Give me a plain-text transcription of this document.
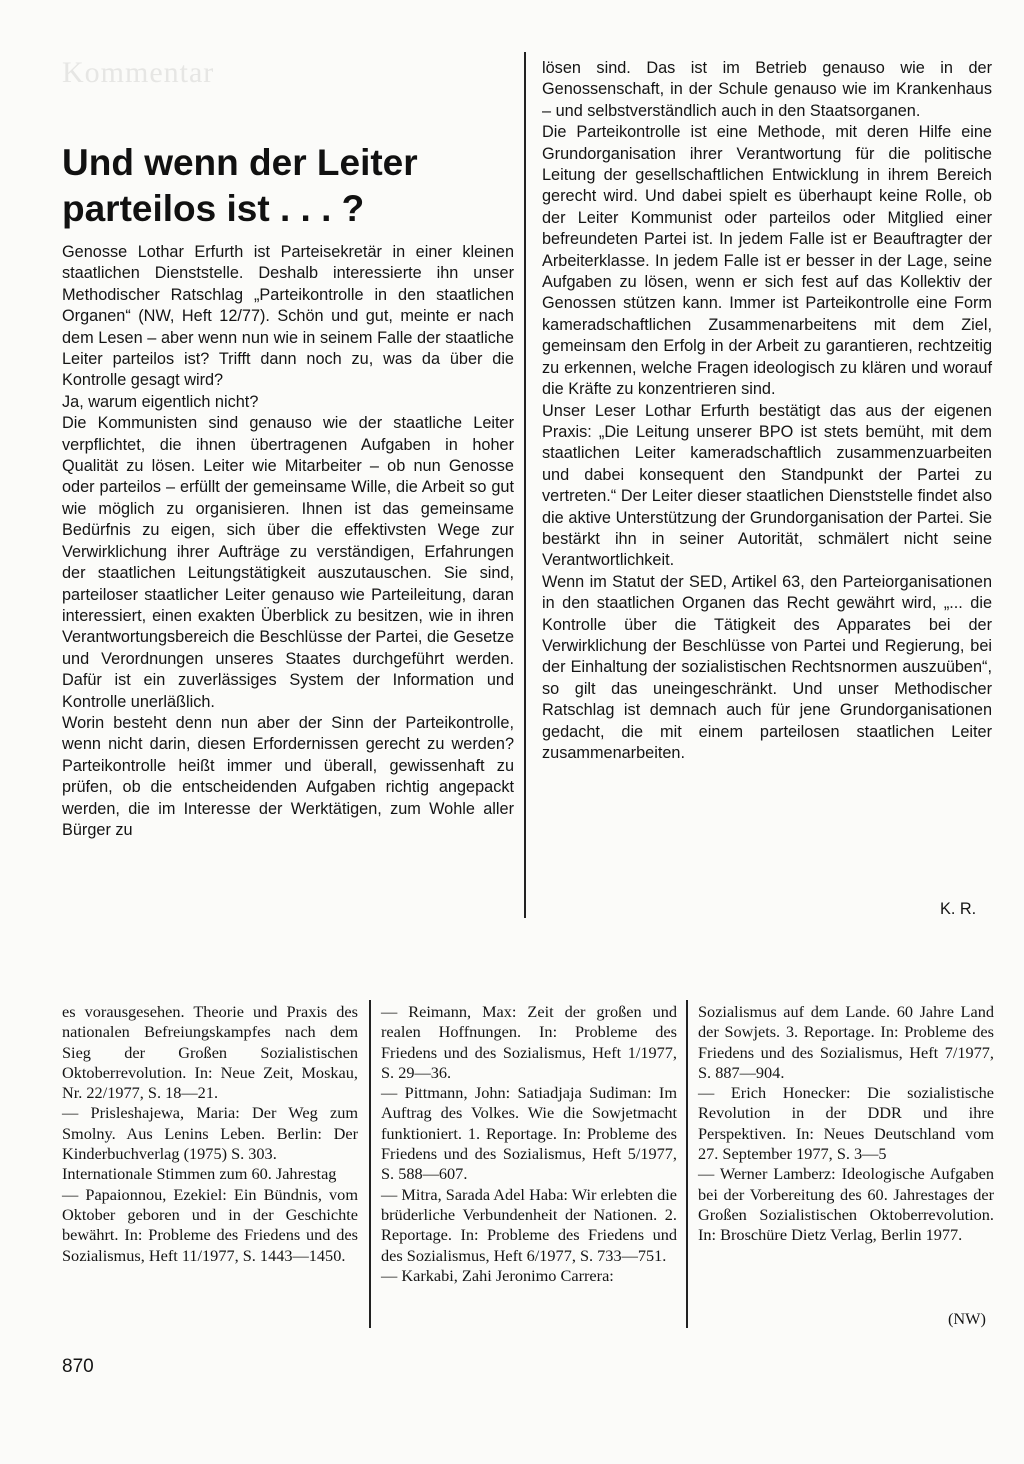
Kommentar
Und wenn der Leiter
parteilos ist . . . ?

Genosse Lothar Erfurth ist Parteisekretär in einer kleinen staatlichen Dienststelle. Deshalb interessierte ihn unser Methodischer Ratschlag „Parteikontrolle in den staatlichen Organen“ (NW, Heft 12/77). Schön und gut, meinte er nach dem Lesen – aber wenn nun wie in seinem Falle der staatliche Leiter parteilos ist? Trifft dann noch zu, was da über die Kontrolle gesagt wird?

Ja, warum eigentlich nicht?

Die Kommunisten sind genauso wie der staatliche Leiter verpflichtet, die ihnen übertragenen Aufgaben in hoher Qualität zu lösen. Leiter wie Mitarbeiter – ob nun Genosse oder parteilos – erfüllt der gemeinsame Wille, die Arbeit so gut wie möglich zu organisieren. Ihnen ist das gemeinsame Bedürfnis zu eigen, sich über die effektivsten Wege zur Verwirklichung ihrer Aufträge zu verständigen, Erfahrungen der staatlichen Leitungstätigkeit auszutauschen. Sie sind, parteiloser staatlicher Leiter genauso wie Parteileitung, daran interessiert, einen exakten Überblick zu besitzen, wie in ihren Verantwortungsbereich die Beschlüsse der Partei, die Gesetze und Verordnungen unseres Staates durchgeführt werden. Dafür ist ein zuverlässiges System der Information und Kontrolle unerläßlich.

Worin besteht denn nun aber der Sinn der Parteikontrolle, wenn nicht darin, diesen Erfordernissen gerecht zu werden? Parteikontrolle heißt immer und überall, gewissenhaft zu prüfen, ob die entscheidenden Aufgaben richtig angepackt werden, die im Interesse der Werktätigen, zum Wohle aller Bürger zu

lösen sind. Das ist im Betrieb genauso wie in der Genossenschaft, in der Schule genauso wie im Krankenhaus – und selbstverständlich auch in den Staatsorganen.

Die Parteikontrolle ist eine Methode, mit deren Hilfe eine Grundorganisation ihrer Verantwortung für die politische Leitung der gesellschaftlichen Entwicklung in ihrem Bereich gerecht wird. Und dabei spielt es überhaupt keine Rolle, ob der Leiter Kommunist oder parteilos oder Mitglied einer befreundeten Partei ist. In jedem Falle ist er Beauftragter der Arbeiterklasse. In jedem Falle ist er besser in der Lage, seine Aufgaben zu lösen, wenn er sich fest auf das Kollektiv der Genossen stützen kann. Immer ist Parteikontrolle eine Form kameradschaftlichen Zusammenarbeitens mit dem Ziel, gemeinsam den Erfolg in der Arbeit zu garantieren, rechtzeitig zu erkennen, welche Fragen ideologisch zu klären und worauf die Kräfte zu konzentrieren sind.

Unser Leser Lothar Erfurth bestätigt das aus der eigenen Praxis: „Die Leitung unserer BPO ist stets bemüht, mit dem staatlichen Leiter kameradschaftlich zusammenzuarbeiten und dabei konsequent den Standpunkt der Partei zu vertreten.“ Der Leiter dieser staatlichen Dienststelle findet also die aktive Unterstützung der Grundorganisation der Partei. Sie bestärkt ihn in seiner Autorität, schmälert nicht seine Verantwortlichkeit.

Wenn im Statut der SED, Artikel 63, den Parteiorganisationen in den staatlichen Organen das Recht gewährt wird, „... die Kontrolle über die Tätigkeit des Apparates bei der Verwirklichung der Beschlüsse von Partei und Regierung, bei der Einhaltung der sozialistischen Rechtsnormen auszuüben“, so gilt das uneingeschränkt. Und unser Methodischer Ratschlag ist demnach auch für jene Grundorganisationen gedacht, die mit einem parteilosen staatlichen Leiter zusammenarbeiten.

K. R.

es vorausgesehen. Theorie und Praxis des nationalen Befreiungskampfes nach dem Sieg der Großen Sozialistischen Oktoberrevolution. In: Neue Zeit, Moskau, Nr. 22/1977, S. 18—21.

— Prisleshajewa, Maria: Der Weg zum Smolny. Aus Lenins Leben. Berlin: Der Kinderbuchverlag (1975) S. 303.

Internationale Stimmen zum 60. Jahrestag

— Papaionnou, Ezekiel: Ein Bündnis, vom Oktober geboren und in der Geschichte bewährt. In: Probleme des Friedens und des Sozialismus, Heft 11/1977, S. 1443—1450.

— Reimann, Max: Zeit der großen und realen Hoffnungen. In: Probleme des Friedens und des Sozialismus, Heft 1/1977, S. 29—36.

— Pittmann, John: Satiadjaja Sudiman: Im Auftrag des Volkes. Wie die Sowjetmacht funktioniert. 1. Reportage. In: Probleme des Friedens und des Sozialismus, Heft 5/1977, S. 588—607.

— Mitra, Sarada Adel Haba: Wir erlebten die brüderliche Verbundenheit der Nationen. 2. Reportage. In: Probleme des Friedens und des Sozialismus, Heft 6/1977, S. 733—751.

— Karkabi, Zahi Jeronimo Carrera:

Sozialismus auf dem Lande. 60 Jahre Land der Sowjets. 3. Reportage. In: Probleme des Friedens und des Sozialismus, Heft 7/1977, S. 887—904.

— Erich Honecker: Die sozialistische Revolution in der DDR und ihre Perspektiven. In: Neues Deutschland vom 27. September 1977, S. 3—5

— Werner Lamberz: Ideologische Aufgaben bei der Vorbereitung des 60. Jahrestages der Großen Sozialistischen Oktoberrevolution. In: Broschüre Dietz Verlag, Berlin 1977.

(NW)
870
